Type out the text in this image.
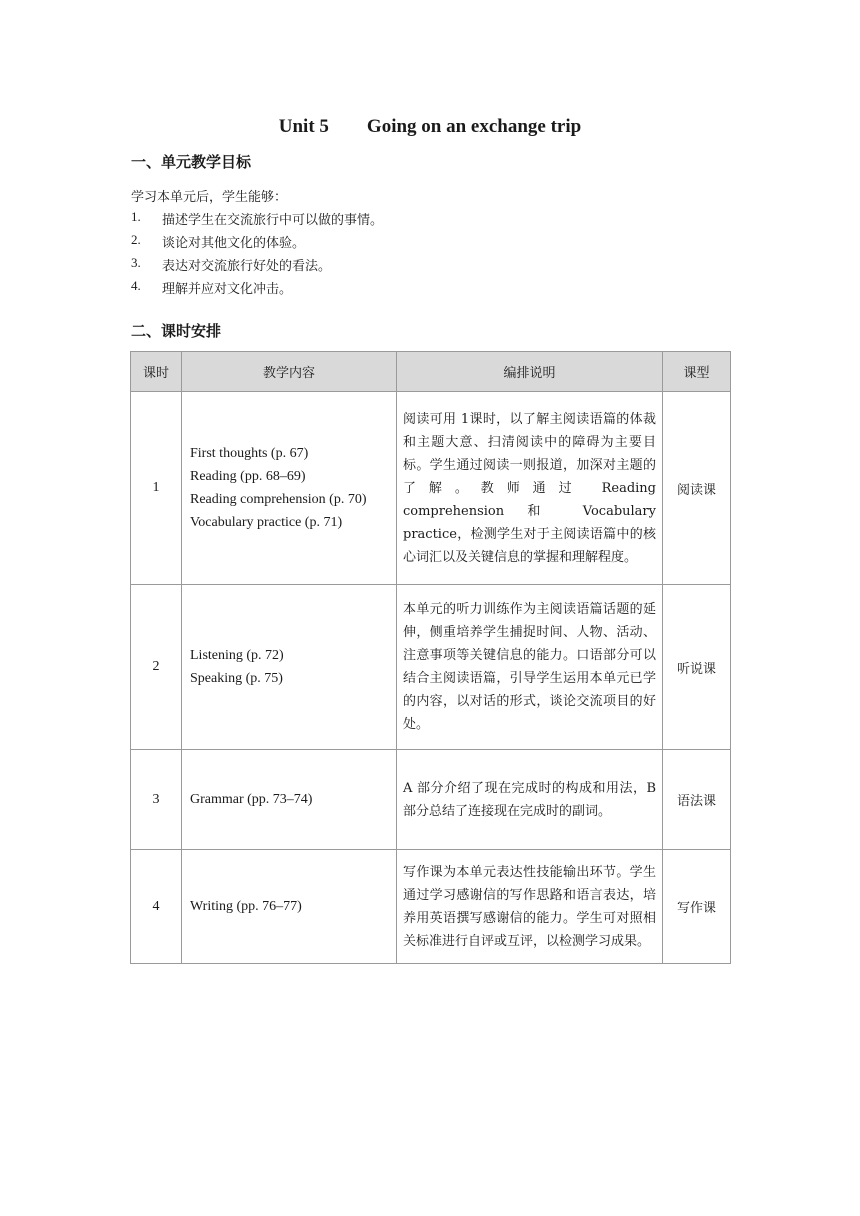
Unit 5        Going on an exchange trip
一、单元教学目标
学习本单元后，学生能够：
1.	描述学生在交流旅行中可以做的事情。
2.	谈论对其他文化的体验。
3.	表达对交流旅行好处的看法。
4.	理解并应对文化冲击。
二、课时安排
课时	教学内容	编排说明	课型
1	First thoughts (p. 67)
Reading (pp. 68–69)
Reading comprehension (p. 70)
Vocabulary practice (p. 71)	阅读可用 1课时，以了解主阅读语篇的体裁和主题大意、扫清阅读中的障碍为主要目标。学生通过阅读一则报道，加深对主题的了解。教师通过 Reading comprehension 和 Vocabulary practice，检测学生对于主阅读语篇中的核心词汇以及关键信息的掌握和理解程度。	阅读课
2	Listening (p. 72)
Speaking (p. 75)	本单元的听力训练作为主阅读语篇话题的延伸，侧重培养学生捕捉时间、人物、活动、注意事项等关键信息的能力。口语部分可以结合主阅读语篇，引导学生运用本单元已学的内容，以对话的形式，谈论交流项目的好处。	听说课
3	Grammar (pp. 73–74)	A 部分介绍了现在完成时的构成和用法，B 部分总结了连接现在完成时的副词。	语法课
4	Writing (pp. 76–77)	写作课为本单元表达性技能输出环节。学生通过学习感谢信的写作思路和语言表达，培养用英语撰写感谢信的能力。学生可对照相关标准进行自评或互评，以检测学习成果。	写作课
